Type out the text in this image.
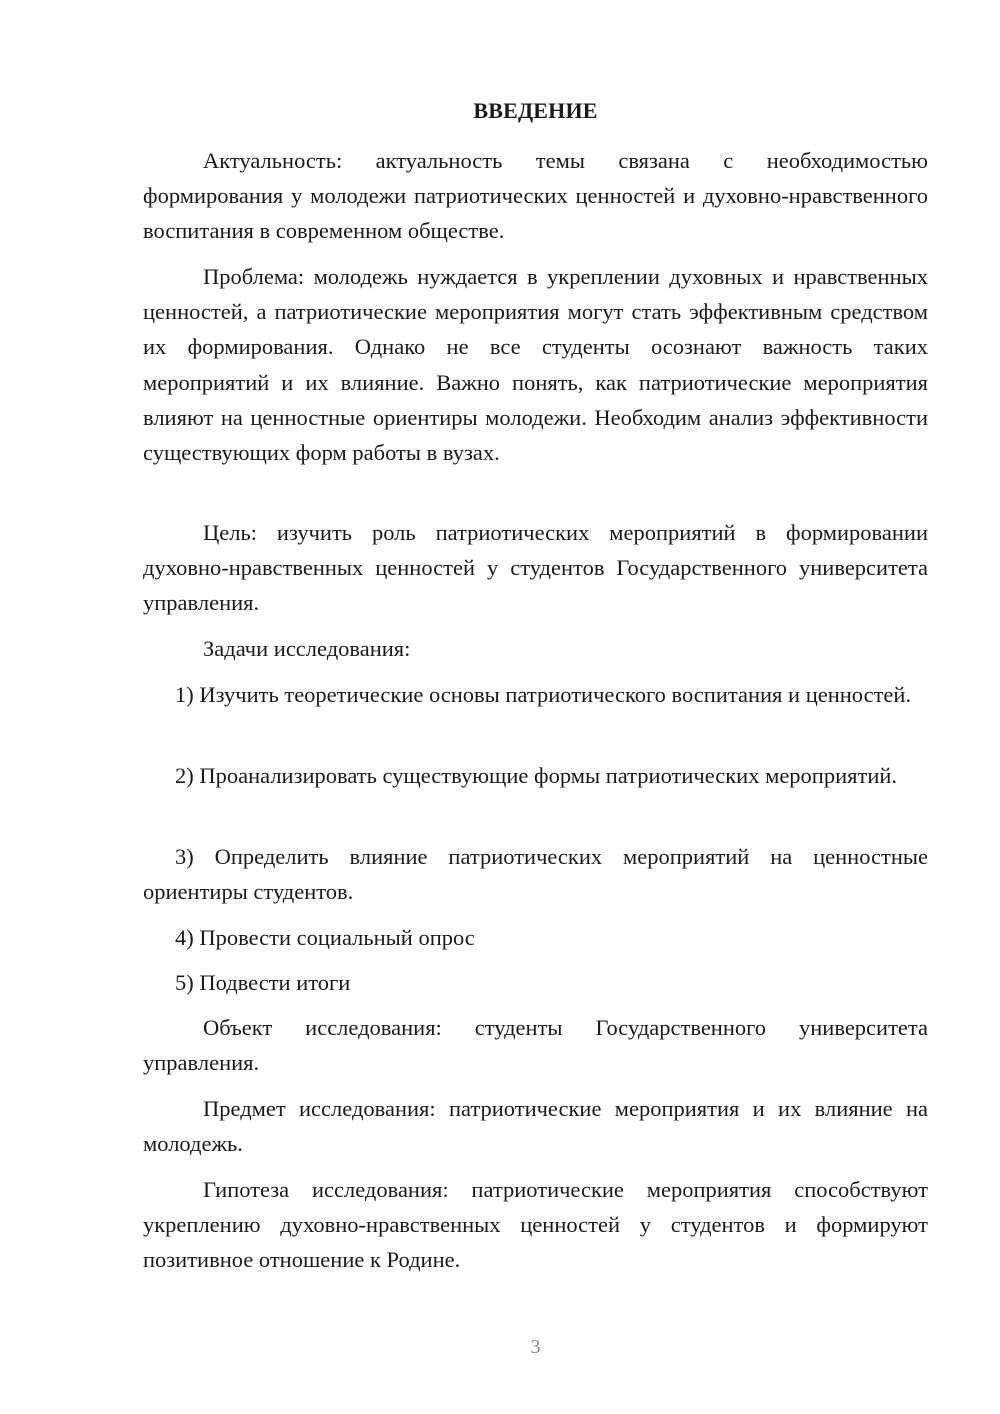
ВВЕДЕНИЕ

Актуальность: актуальность темы связана с необходимостью формирования у молодежи патриотических ценностей и духовно-нравственного воспитания в современном обществе.

Проблема: молодежь нуждается в укреплении духовных и нравственных ценностей, а патриотические мероприятия могут стать эффективным средством их формирования. Однако не все студенты осознают важность таких мероприятий и их влияние. Важно понять, как патриотические мероприятия влияют на ценностные ориентиры молодежи. Необходим анализ эффективности существующих форм работы в вузах.

Цель: изучить роль патриотических мероприятий в формировании духовно-нравственных ценностей у студентов Государственного университета управления.

Задачи исследования:

1) Изучить теоретические основы патриотического воспитания и ценностей.

2) Проанализировать существующие формы патриотических мероприятий.

3) Определить влияние патриотических мероприятий на ценностные ориентиры студентов.

4) Провести социальный опрос

5) Подвести итоги

Объект исследования: студенты Государственного университета управления.

Предмет исследования: патриотические мероприятия и их влияние на молодежь.

Гипотеза исследования: патриотические мероприятия способствуют укреплению духовно-нравственных ценностей у студентов и формируют позитивное отношение к Родине.

3
